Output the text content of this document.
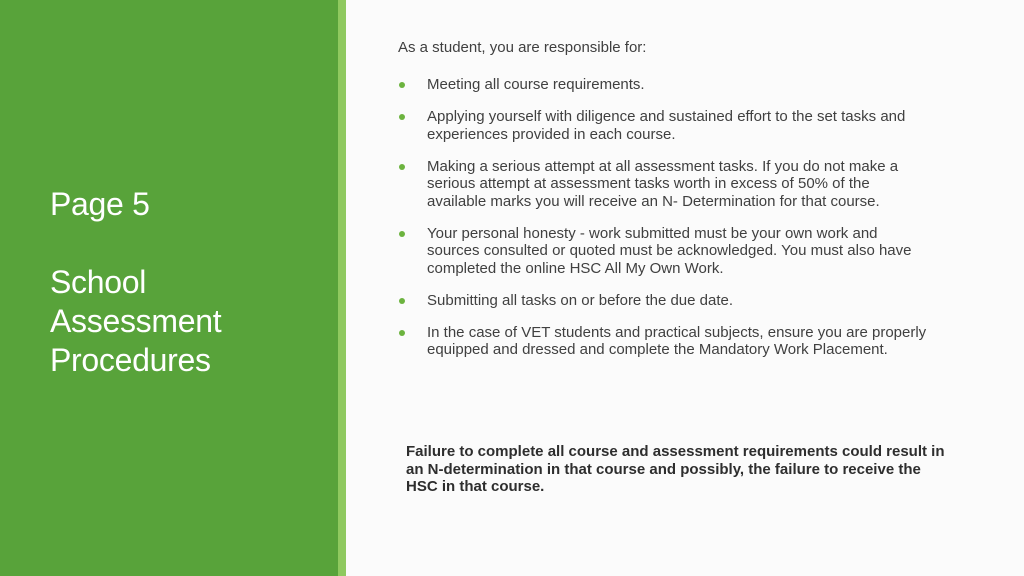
Page 5
School
Assessment
Procedures

As a student, you are responsible for:

Meeting all course requirements.
Applying yourself with diligence and sustained effort to the set tasks and experiences provided in each course.
Making a serious attempt at all assessment tasks. If you do not make a serious attempt at assessment tasks worth in excess of 50% of the available marks you will receive an N- Determination for that course.
Your personal honesty - work submitted must be your own work and sources consulted or quoted must be acknowledged. You must also have completed the online HSC All My Own Work.
Submitting all tasks on or before the due date.
In the case of VET students and practical subjects, ensure you are properly equipped and dressed and complete the Mandatory Work Placement.
Failure to complete all course and assessment requirements could result in an N-determination in that course and possibly, the failure to receive the HSC in that course.
